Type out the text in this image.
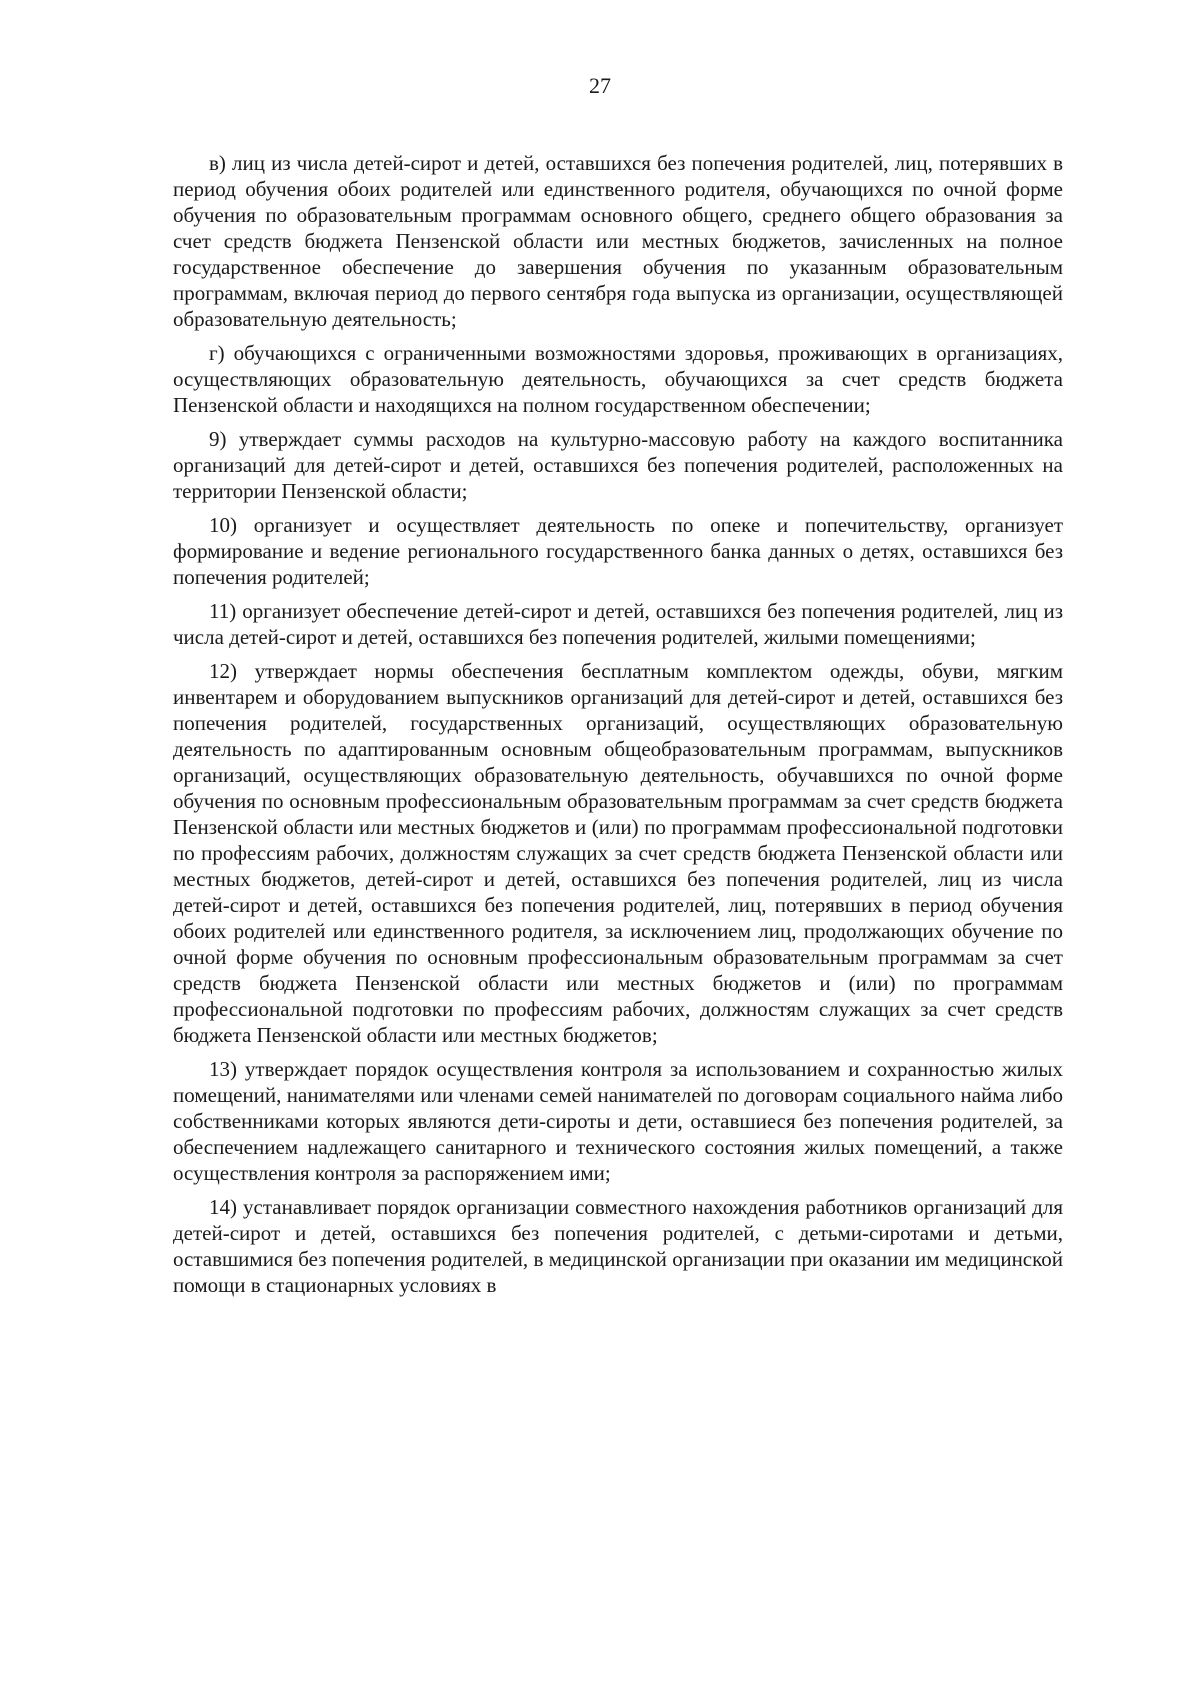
27

в) лиц из числа детей-сирот и детей, оставшихся без попечения родителей, лиц, потерявших в период обучения обоих родителей или единственного родителя, обучающихся по очной форме обучения по образовательным программам основного общего, среднего общего образования за счет средств бюджета Пензенской области или местных бюджетов, зачисленных на полное государственное обеспечение до завершения обучения по указанным образовательным программам, включая период до первого сентября года выпуска из организации, осуществляющей образовательную деятельность;

г) обучающихся с ограниченными возможностями здоровья, проживающих в организациях, осуществляющих образовательную деятельность, обучающихся за счет средств бюджета Пензенской области и находящихся на полном государственном обеспечении;

9) утверждает суммы расходов на культурно-массовую работу на каждого воспитанника организаций для детей-сирот и детей, оставшихся без попечения родителей, расположенных на территории Пензенской области;

10) организует и осуществляет деятельность по опеке и попечительству, организует формирование и ведение регионального государственного банка данных о детях, оставшихся без попечения родителей;

11) организует обеспечение детей-сирот и детей, оставшихся без попечения родителей, лиц из числа детей-сирот и детей, оставшихся без попечения родителей, жилыми помещениями;

12) утверждает нормы обеспечения бесплатным комплектом одежды, обуви, мягким инвентарем и оборудованием выпускников организаций для детей-сирот и детей, оставшихся без попечения родителей, государственных организаций, осуществляющих образовательную деятельность по адаптированным основным общеобразовательным программам, выпускников организаций, осуществляющих образовательную деятельность, обучавшихся по очной форме обучения по основным профессиональным образовательным программам за счет средств бюджета Пензенской области или местных бюджетов и (или) по программам профессиональной подготовки по профессиям рабочих, должностям служащих за счет средств бюджета Пензенской области или местных бюджетов, детей-сирот и детей, оставшихся без попечения родителей, лиц из числа детей-сирот и детей, оставшихся без попечения родителей, лиц, потерявших в период обучения обоих родителей или единственного родителя, за исключением лиц, продолжающих обучение по очной форме обучения по основным профессиональным образовательным программам за счет средств бюджета Пензенской области или местных бюджетов и (или) по программам профессиональной подготовки по профессиям рабочих, должностям служащих за счет средств бюджета Пензенской области или местных бюджетов;

13) утверждает порядок осуществления контроля за использованием и сохранностью жилых помещений, нанимателями или членами семей нанимателей по договорам социального найма либо собственниками которых являются дети-сироты и дети, оставшиеся без попечения родителей, за обеспечением надлежащего санитарного и технического состояния жилых помещений, а также осуществления контроля за распоряжением ими;

14) устанавливает порядок организации совместного нахождения работников организаций для детей-сирот и детей, оставшихся без попечения родителей, с детьми-сиротами и детьми, оставшимися без попечения родителей, в медицинской организации при оказании им медицинской помощи в стационарных условиях в
